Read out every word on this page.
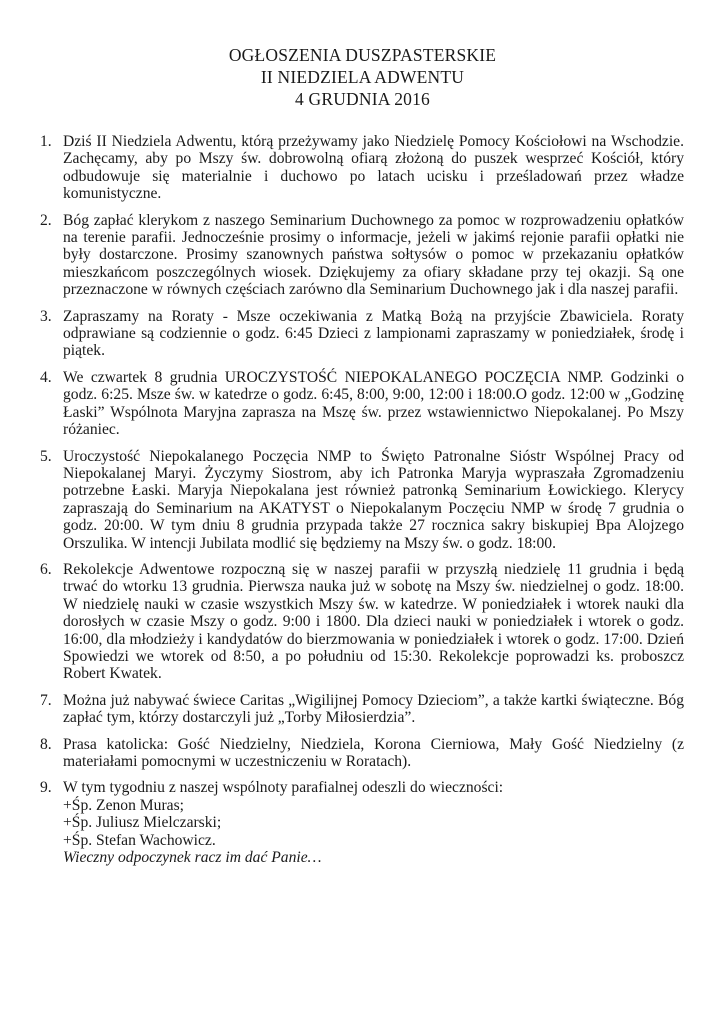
OGŁOSZENIA DUSZPASTERSKIE
II NIEDZIELA ADWENTU
4 GRUDNIA 2016
1. Dziś II Niedziela Adwentu, którą przeżywamy jako Niedzielę Pomocy Kościołowi na Wschodzie. Zachęcamy, aby po Mszy św. dobrowolną ofiarą złożoną do puszek wesprzeć Kościół, który odbudowuje się materialnie i duchowo po latach ucisku i prześladowań przez władze komunistyczne.
2. Bóg zapłać klerykom z naszego Seminarium Duchownego za pomoc w rozprowadzeniu opłatków na terenie parafii. Jednocześnie prosimy o informacje, jeżeli w jakimś rejonie parafii opłatki nie były dostarczone. Prosimy szanownych państwa sołtysów o pomoc w przekazaniu opłatków mieszkańcom poszczególnych wiosek. Dziękujemy za ofiary składane przy tej okazji. Są one przeznaczone w równych częściach zarówno dla Seminarium Duchownego jak i dla naszej parafii.
3. Zapraszamy na Roraty - Msze oczekiwania z Matką Bożą na przyjście Zbawiciela. Roraty odprawiane są codziennie o godz. 6:45 Dzieci z lampionami zapraszamy w poniedziałek, środę i piątek.
4. We czwartek 8 grudnia UROCZYSTOŚĆ NIEPOKALANEGO POCZĘCIA NMP. Godzinki o godz. 6:25. Msze św. w katedrze o godz. 6:45, 8:00, 9:00, 12:00 i 18:00.O godz. 12:00 w „Godzinę Łaski” Wspólnota Maryjna zaprasza na Mszę św. przez wstawiennictwo Niepokalanej. Po Mszy różaniec.
5. Uroczystość Niepokalanego Poczęcia NMP to Święto Patronalne Sióstr Wspólnej Pracy od Niepokalanej Maryi. Życzymy Siostrom, aby ich Patronka Maryja wypraszała Zgromadzeniu potrzebne Łaski. Maryja Niepokalana jest również patronką Seminarium Łowickiego. Klerycy zapraszają do Seminarium na AKATYST o Niepokalanym Poczęciu NMP w środę 7 grudnia o godz. 20:00. W tym dniu 8 grudnia przypada także 27 rocznica sakry biskupiej Bpa Alojzego Orszulika. W intencji Jubilata modlić się będziemy na Mszy św. o godz. 18:00.
6. Rekolekcje Adwentowe rozpoczną się w naszej parafii w przyszłą niedzielę 11 grudnia i będą trwać do wtorku 13 grudnia. Pierwsza nauka już w sobotę na Mszy św. niedzielnej o godz. 18:00. W niedzielę nauki w czasie wszystkich Mszy św. w katedrze. W poniedziałek i wtorek nauki dla dorosłych w czasie Mszy o godz. 9:00 i 1800. Dla dzieci nauki w poniedziałek i wtorek o godz. 16:00, dla młodzieży i kandydatów do bierzmowania w poniedziałek i wtorek o godz. 17:00. Dzień Spowiedzi we wtorek od 8:50, a po południu od 15:30. Rekolekcje poprowadzi ks. proboszcz Robert Kwatek.
7. Można już nabywać świece Caritas „Wigilijnej Pomocy Dzieciom”, a także kartki świąteczne. Bóg zapłać tym, którzy dostarczyli już „Torby Miłosierdzia”.
8. Prasa katolicka: Gość Niedzielny, Niedziela, Korona Cierniowa, Mały Gość Niedzielny (z materiałami pomocnymi w uczestniczeniu w Roratach).
9. W tym tygodniu z naszej wspólnoty parafialnej odeszli do wieczności:
+Śp. Zenon Muras;
+Śp. Juliusz Mielczarski;
+Śp. Stefan Wachowicz.
Wieczny odpoczynek racz im dać Panie…
